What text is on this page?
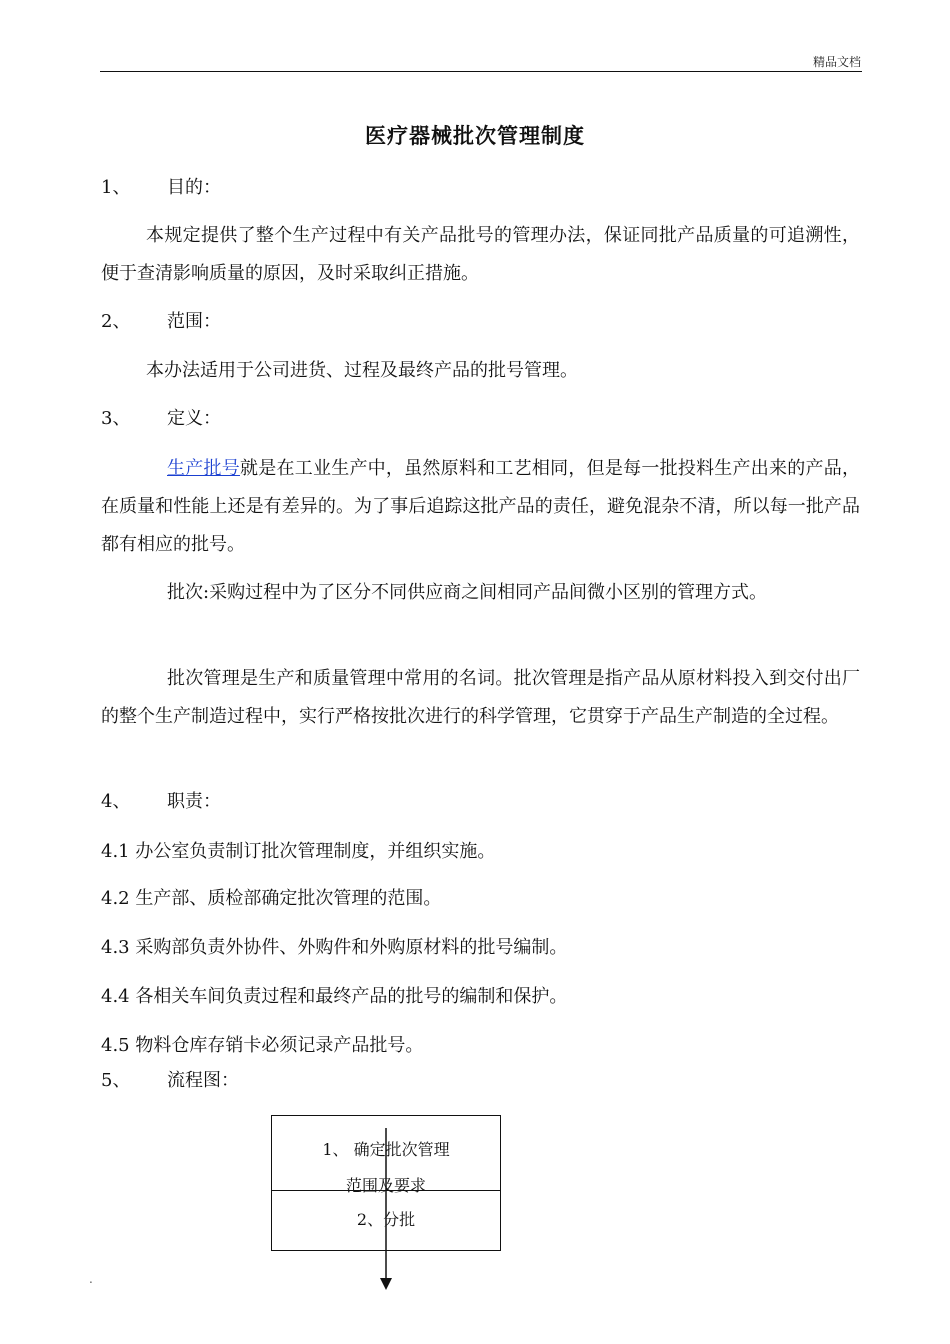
精品文档
医疗器械批次管理制度
1、 目的：
本规定提供了整个生产过程中有关产品批号的管理办法，保证同批产品质量的可追溯性，便于查清影响质量的原因，及时采取纠正措施。
2、 范围：
本办法适用于公司进货、过程及最终产品的批号管理。
3、 定义：
生产批号就是在工业生产中，虽然原料和工艺相同，但是每一批投料生产出来的产品，在质量和性能上还是有差异的。为了事后追踪这批产品的责任，避免混杂不清，所以每一批产品都有相应的批号。
批次:采购过程中为了区分不同供应商之间相同产品间微小区别的管理方式。
批次管理是生产和质量管理中常用的名词。批次管理是指产品从原材料投入到交付出厂的整个生产制造过程中，实行严格按批次进行的科学管理，它贯穿于产品生产制造的全过程。
4、 职责：
4.1 办公室负责制订批次管理制度，并组织实施。
4.2 生产部、质检部确定批次管理的范围。
4.3 采购部负责外协件、外购件和外购原材料的批号编制。
4.4 各相关车间负责过程和最终产品的批号的编制和保护。
4.5 物料仓库存销卡必须记录产品批号。
5、 流程图：
1、 确定批次管理
范围及要求
2、分批
.
